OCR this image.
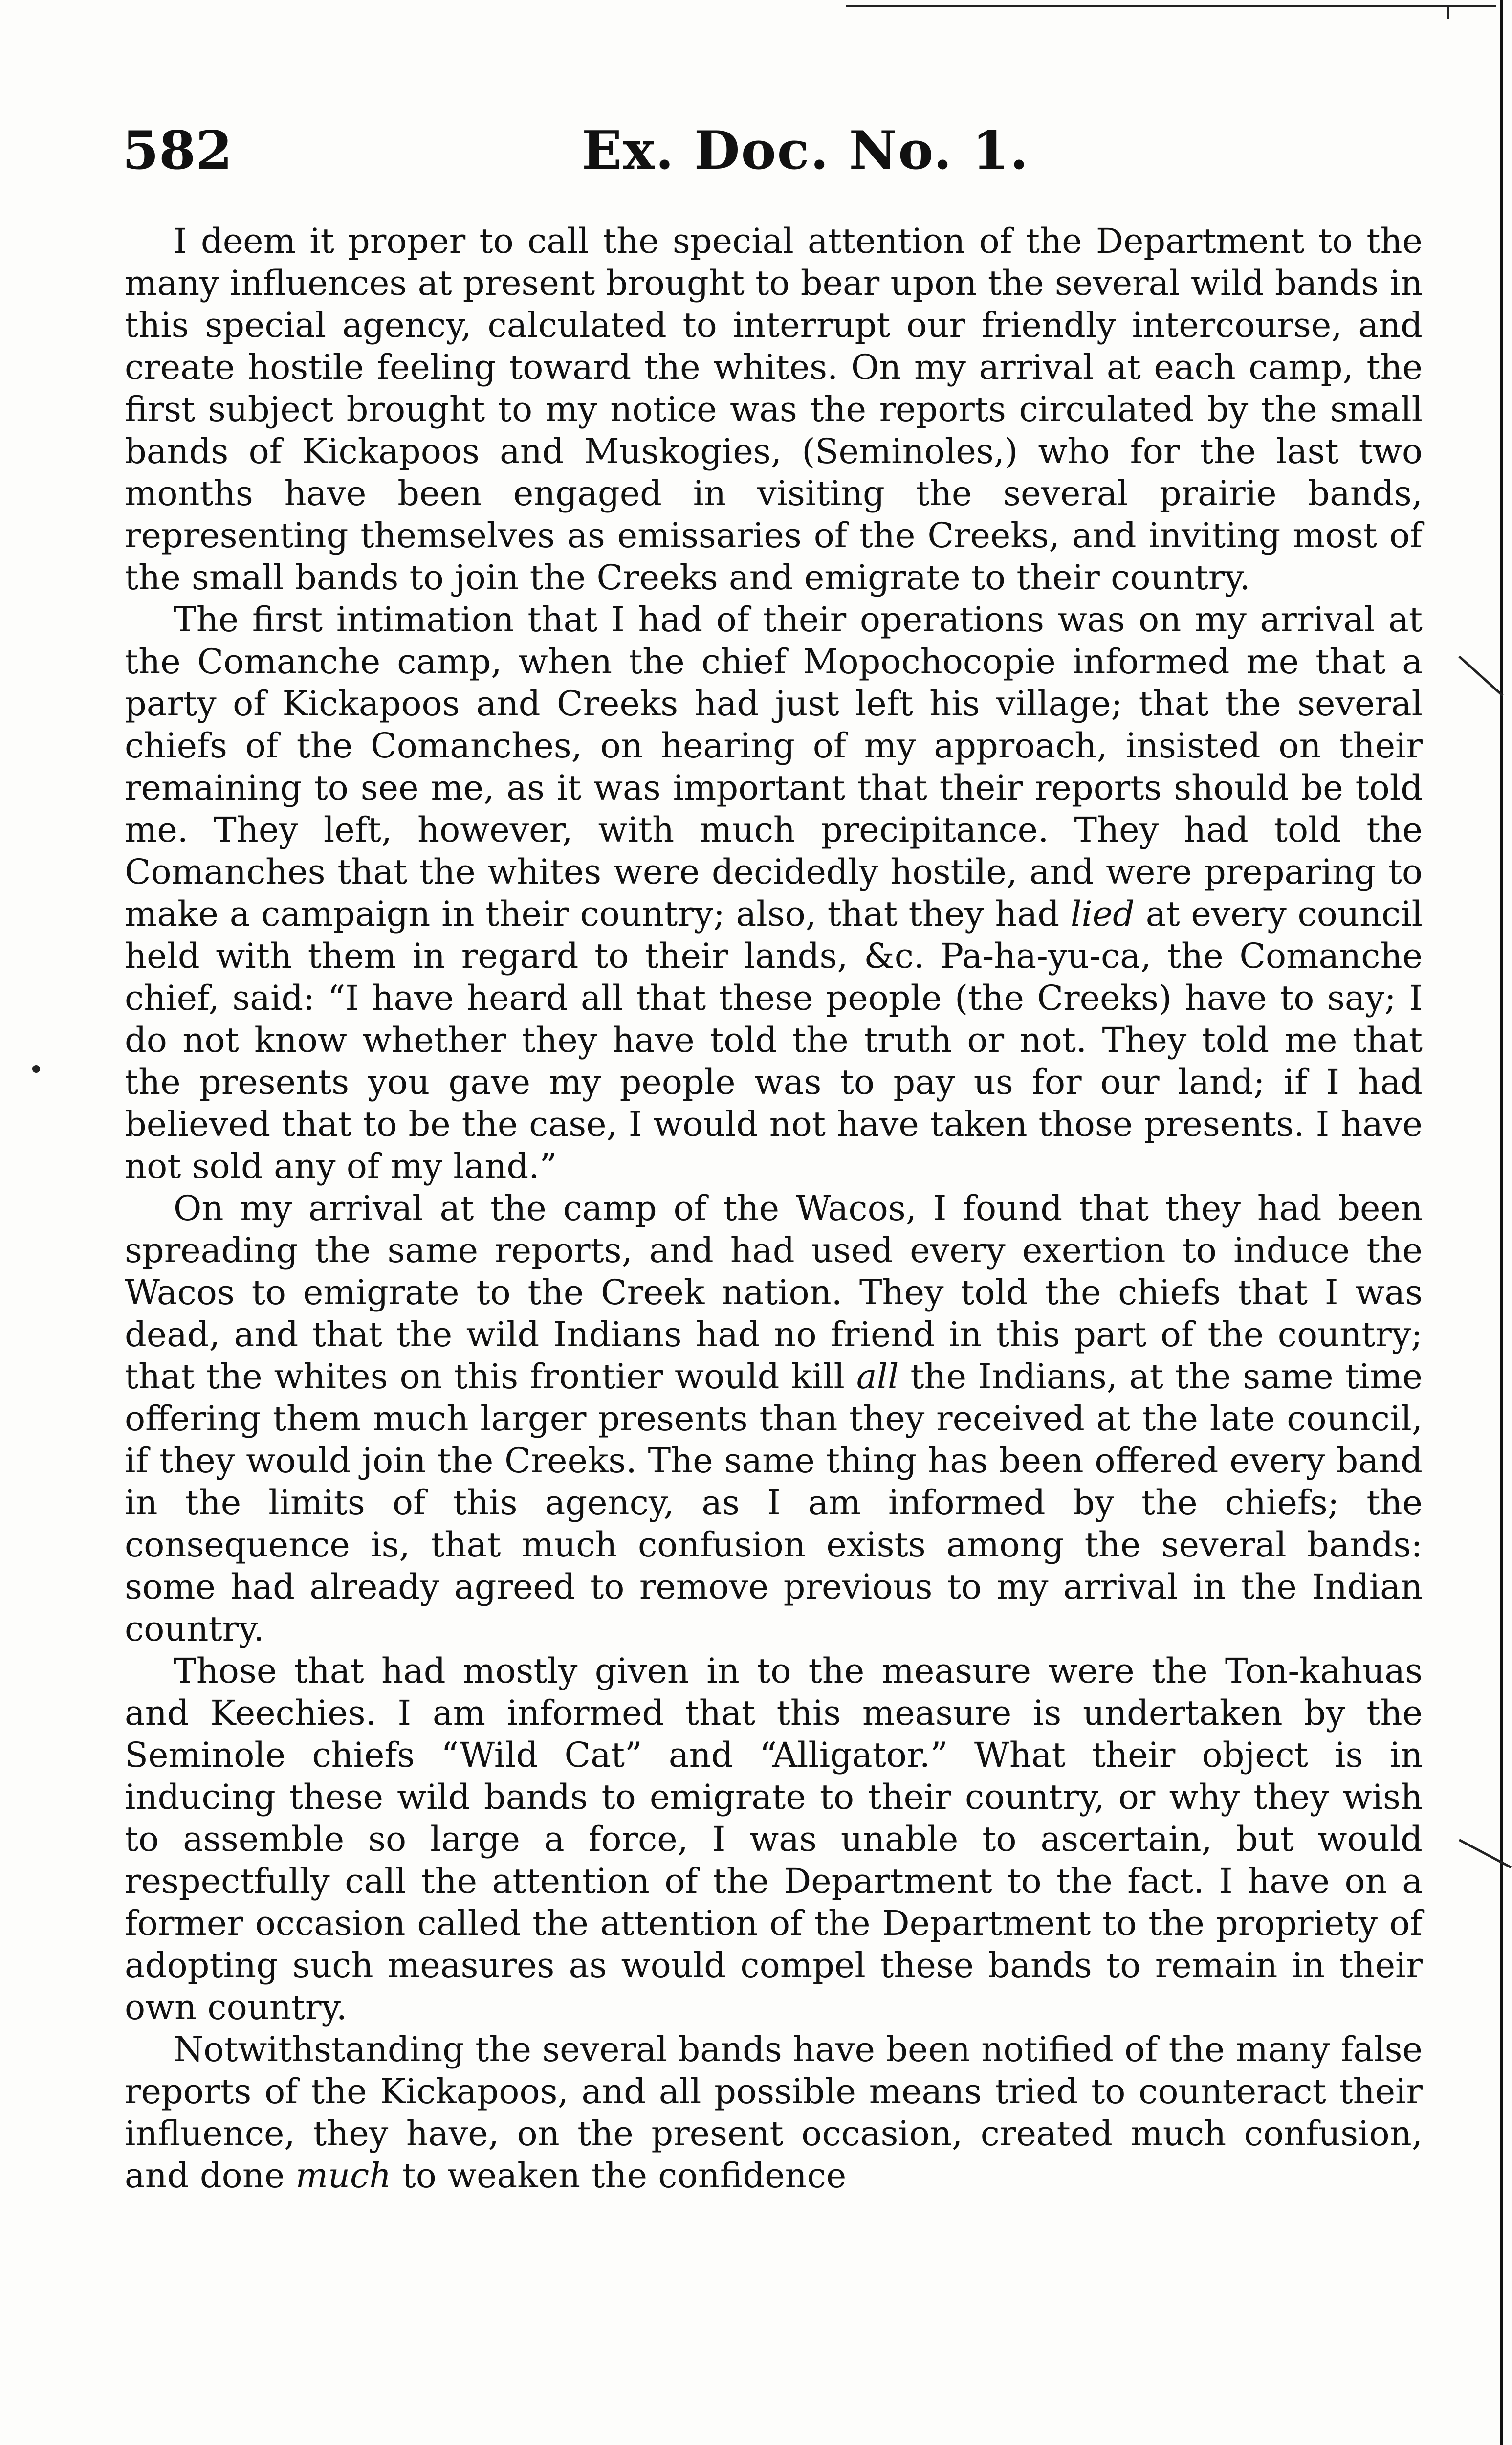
582	Ex. Doc. No. 1.

I deem it proper to call the special attention of the Department to the many influences at present brought to bear upon the several wild bands in this special agency, calculated to interrupt our friendly intercourse, and create hostile feeling toward the whites. On my arrival at each camp, the first subject brought to my notice was the reports circulated by the small bands of Kickapoos and Muskogies, (Seminoles,) who for the last two months have been engaged in visiting the several prairie bands, representing themselves as emissaries of the Creeks, and inviting most of the small bands to join the Creeks and emigrate to their country.

The first intimation that I had of their operations was on my arrival at the Comanche camp, when the chief Mopochocopie informed me that a party of Kickapoos and Creeks had just left his village; that the several chiefs of the Comanches, on hearing of my approach, insisted on their remaining to see me, as it was important that their reports should be told me. They left, however, with much precipitance. They had told the Comanches that the whites were decidedly hostile, and were preparing to make a campaign in their country; also, that they had lied at every council held with them in regard to their lands, &c. Pa-ha-yu-ca, the Comanche chief, said: “I have heard all that these people (the Creeks) have to say; I do not know whether they have told the truth or not. They told me that the presents you gave my people was to pay us for our land; if I had believed that to be the case, I would not have taken those presents. I have not sold any of my land.”

On my arrival at the camp of the Wacos, I found that they had been spreading the same reports, and had used every exertion to induce the Wacos to emigrate to the Creek nation. They told the chiefs that I was dead, and that the wild Indians had no friend in this part of the country; that the whites on this frontier would kill all the Indians, at the same time offering them much larger presents than they received at the late council, if they would join the Creeks. The same thing has been offered every band in the limits of this agency, as I am informed by the chiefs; the consequence is, that much confusion exists among the several bands: some had already agreed to remove previous to my arrival in the Indian country.

Those that had mostly given in to the measure were the Ton-kahuas and Keechies. I am informed that this measure is undertaken by the Seminole chiefs “Wild Cat” and “Alligator.” What their object is in inducing these wild bands to emigrate to their country, or why they wish to assemble so large a force, I was unable to ascertain, but would respectfully call the attention of the Department to the fact. I have on a former occasion called the attention of the Department to the propriety of adopting such measures as would compel these bands to remain in their own country.

Notwithstanding the several bands have been notified of the many false reports of the Kickapoos, and all possible means tried to counteract their influence, they have, on the present occasion, created much confusion, and done much to weaken the confidence
